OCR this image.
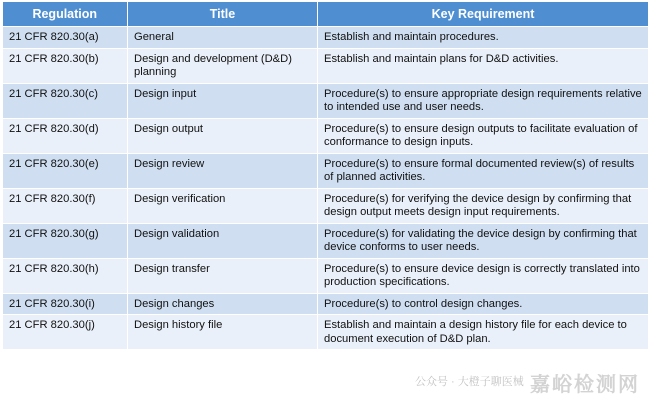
Regulation	Title	Key Requirement
21 CFR 820.30(a)	General	Establish and maintain procedures.
21 CFR 820.30(b)	Design and development (D&D) planning	Establish and maintain plans for D&D activities.
21 CFR 820.30(c)	Design input	Procedure(s) to ensure appropriate design requirements relative to intended use and user needs.
21 CFR 820.30(d)	Design output	Procedure(s) to ensure design outputs to facilitate evaluation of conformance to design inputs.
21 CFR 820.30(e)	Design review	Procedure(s) to ensure formal documented review(s) of results of planned activities.
21 CFR 820.30(f)	Design verification	Procedure(s) for verifying the device design by confirming that design output meets design input requirements.
21 CFR 820.30(g)	Design validation	Procedure(s) for validating the device design by confirming that device conforms to user needs.
21 CFR 820.30(h)	Design transfer	Procedure(s) to ensure device design is correctly translated into production specifications.
21 CFR 820.30(i)	Design changes	Procedure(s) to control design changes.
21 CFR 820.30(j)	Design history file	Establish and maintain a design history file for each device to document execution of D&D plan.
公众号 · 大橙子聊医械 嘉峪检测网
